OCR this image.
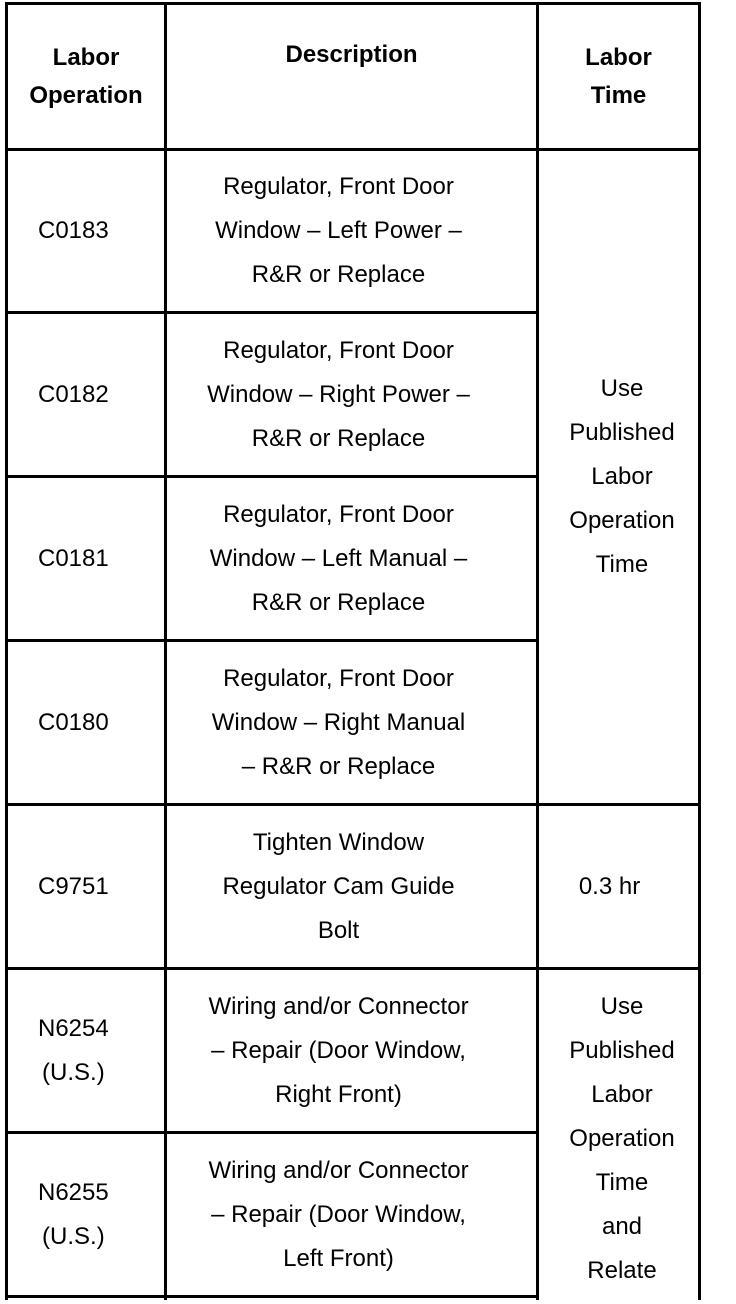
Labor
Operation
Description	Labor
Time
C0183
Regulator, Front Door
Window – Left Power –
R&R or Replace
C0182
Regulator, Front Door
Window – Right Power –
R&R or Replace
C0181
Regulator, Front Door
Window – Left Manual –
R&R or Replace
C0180
Regulator, Front Door
Window – Right Manual
– R&R or Replace
C9751
Tighten Window
Regulator Cam Guide
Bolt
N6254
(U.S.)
Wiring and/or Connector
– Repair (Door Window,
Right Front)
N6255
(U.S.)
Wiring and/or Connector
– Repair (Door Window,
Left Front)
Use
Published
Labor
Operation
Time
0.3 hr
Use
Published
Labor
Operation
Time
and
Relate
